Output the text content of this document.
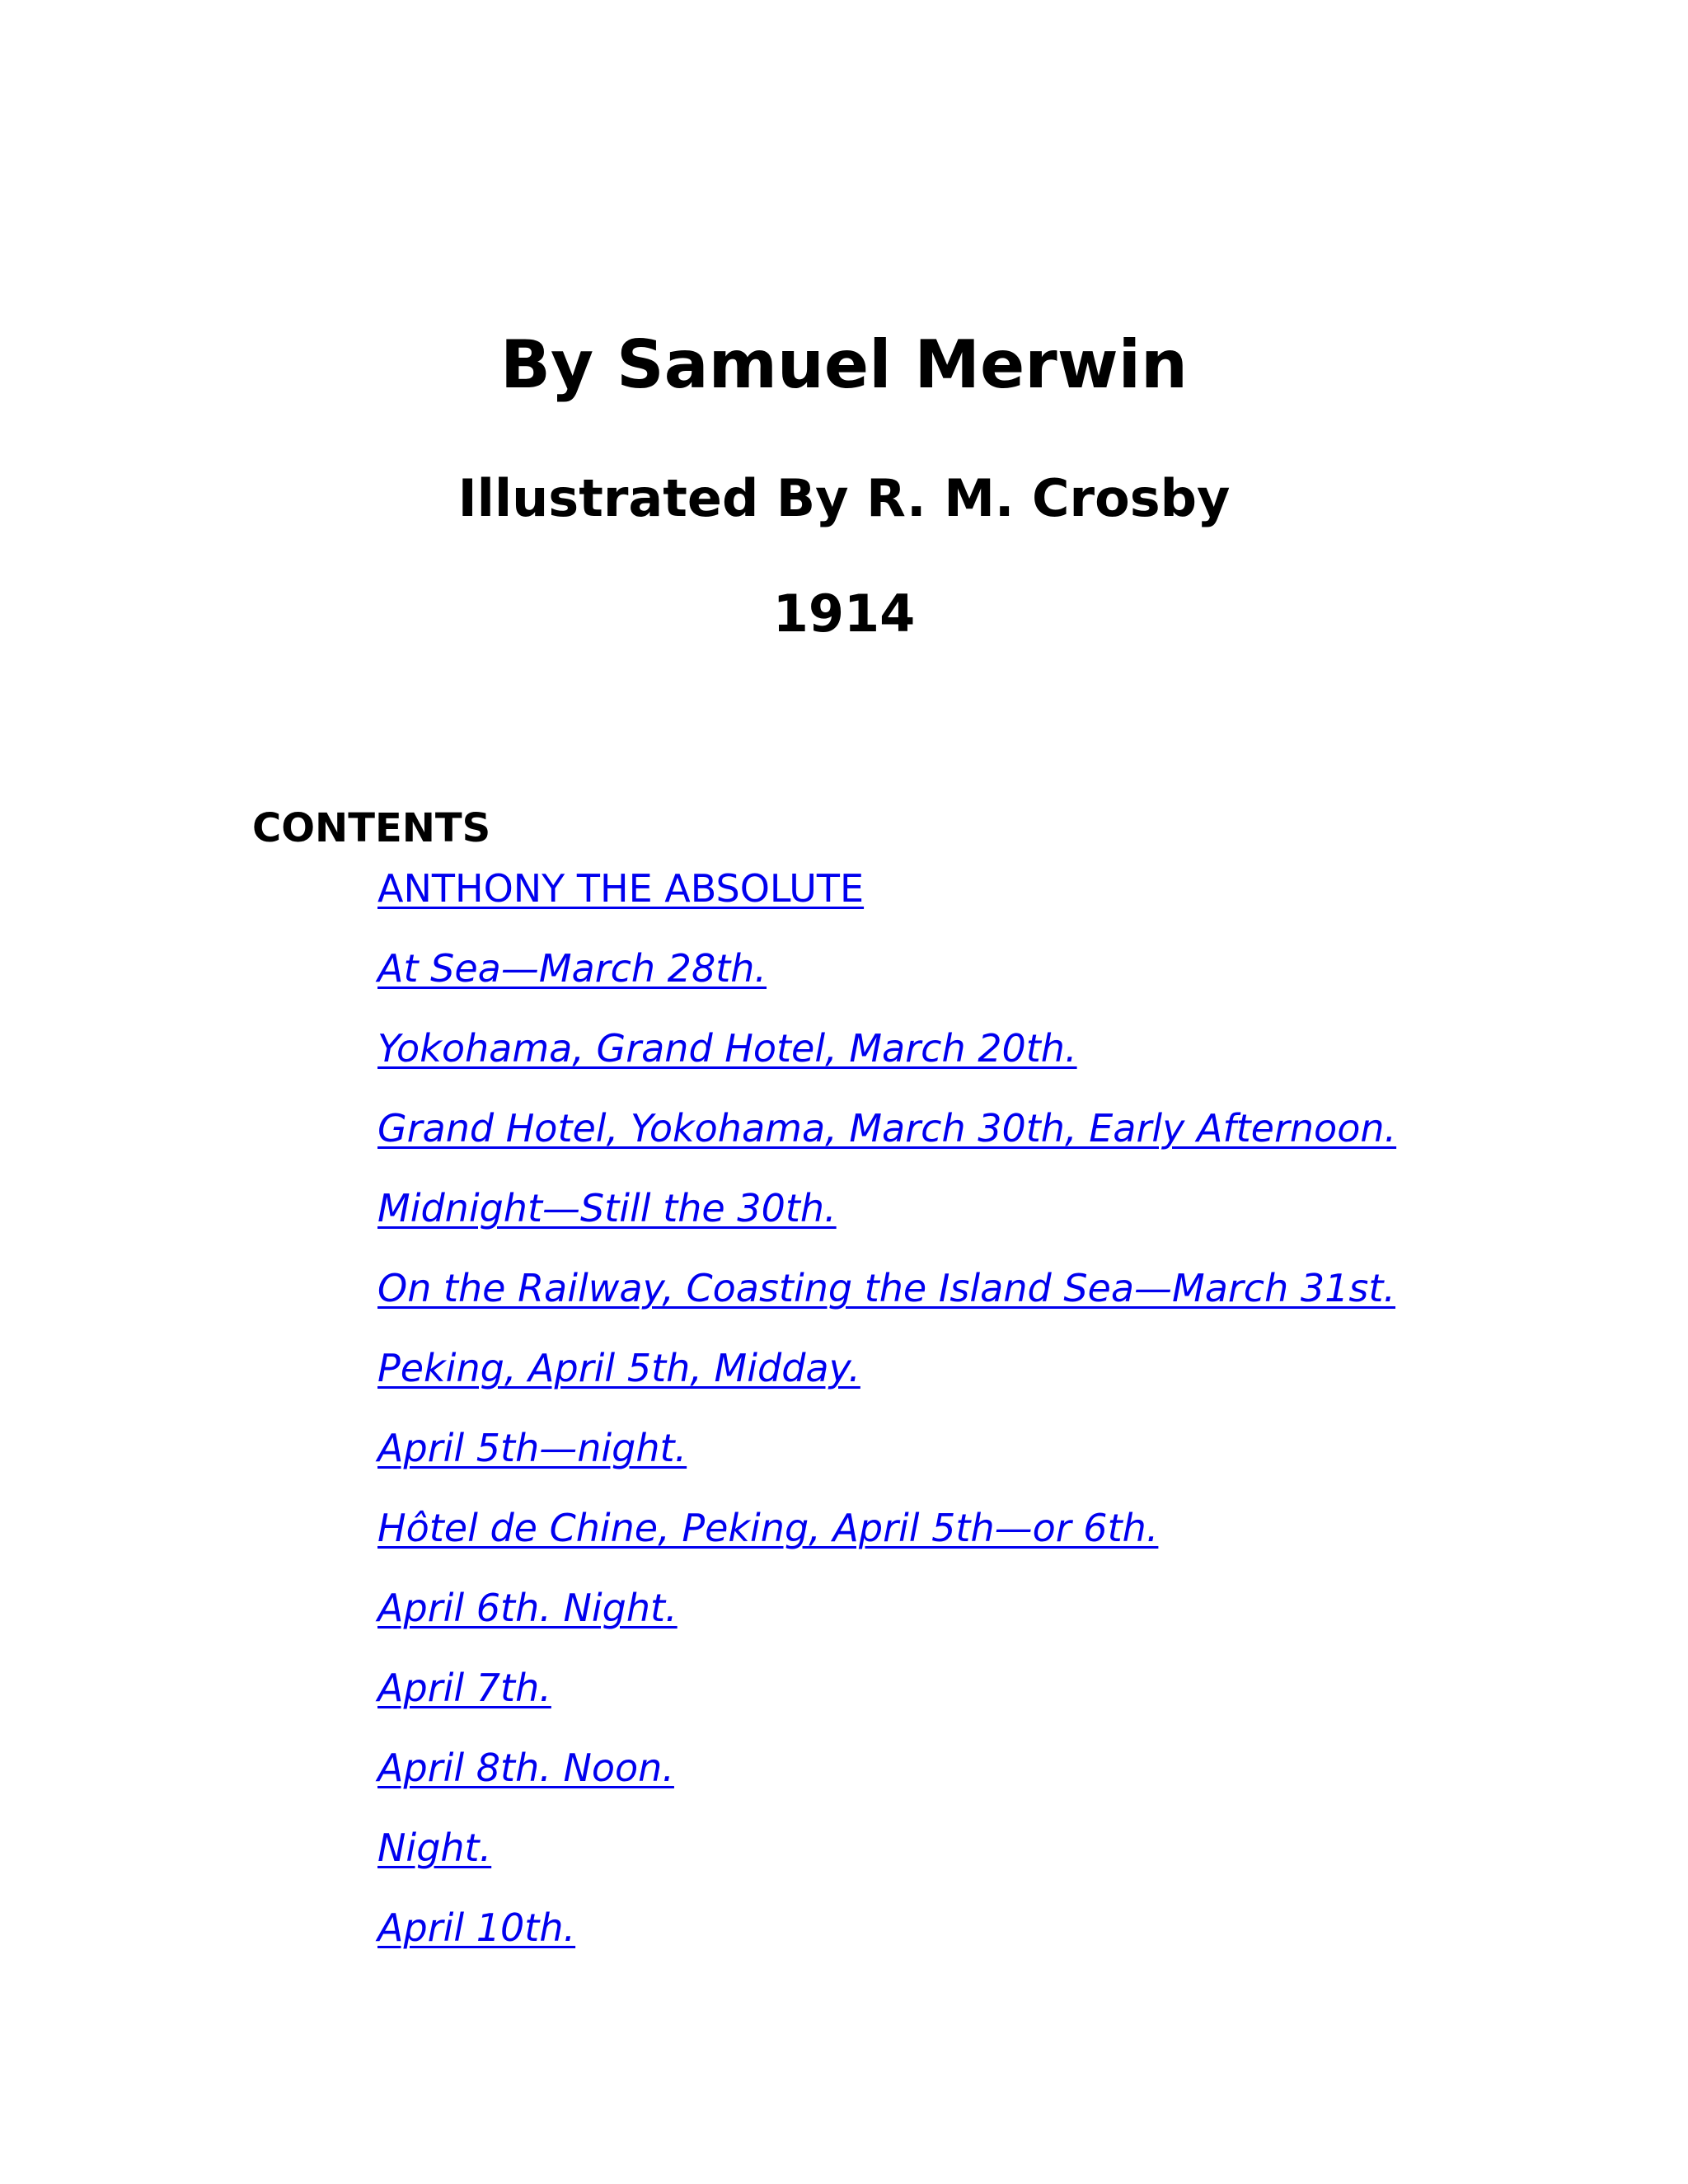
By Samuel Merwin
Illustrated By R. M. Crosby
1914
CONTENTS
ANTHONY THE ABSOLUTE
At Sea—March 28th.
Yokohama, Grand Hotel, March 20th.
Grand Hotel, Yokohama, March 30th, Early Afternoon.
Midnight—Still the 30th.
On the Railway, Coasting the Island Sea—March 31st.
Peking, April 5th, Midday.
April 5th—night.
Hôtel de Chine, Peking, April 5th—or 6th.
April 6th. Night.
April 7th.
April 8th. Noon.
Night.
April 10th.
